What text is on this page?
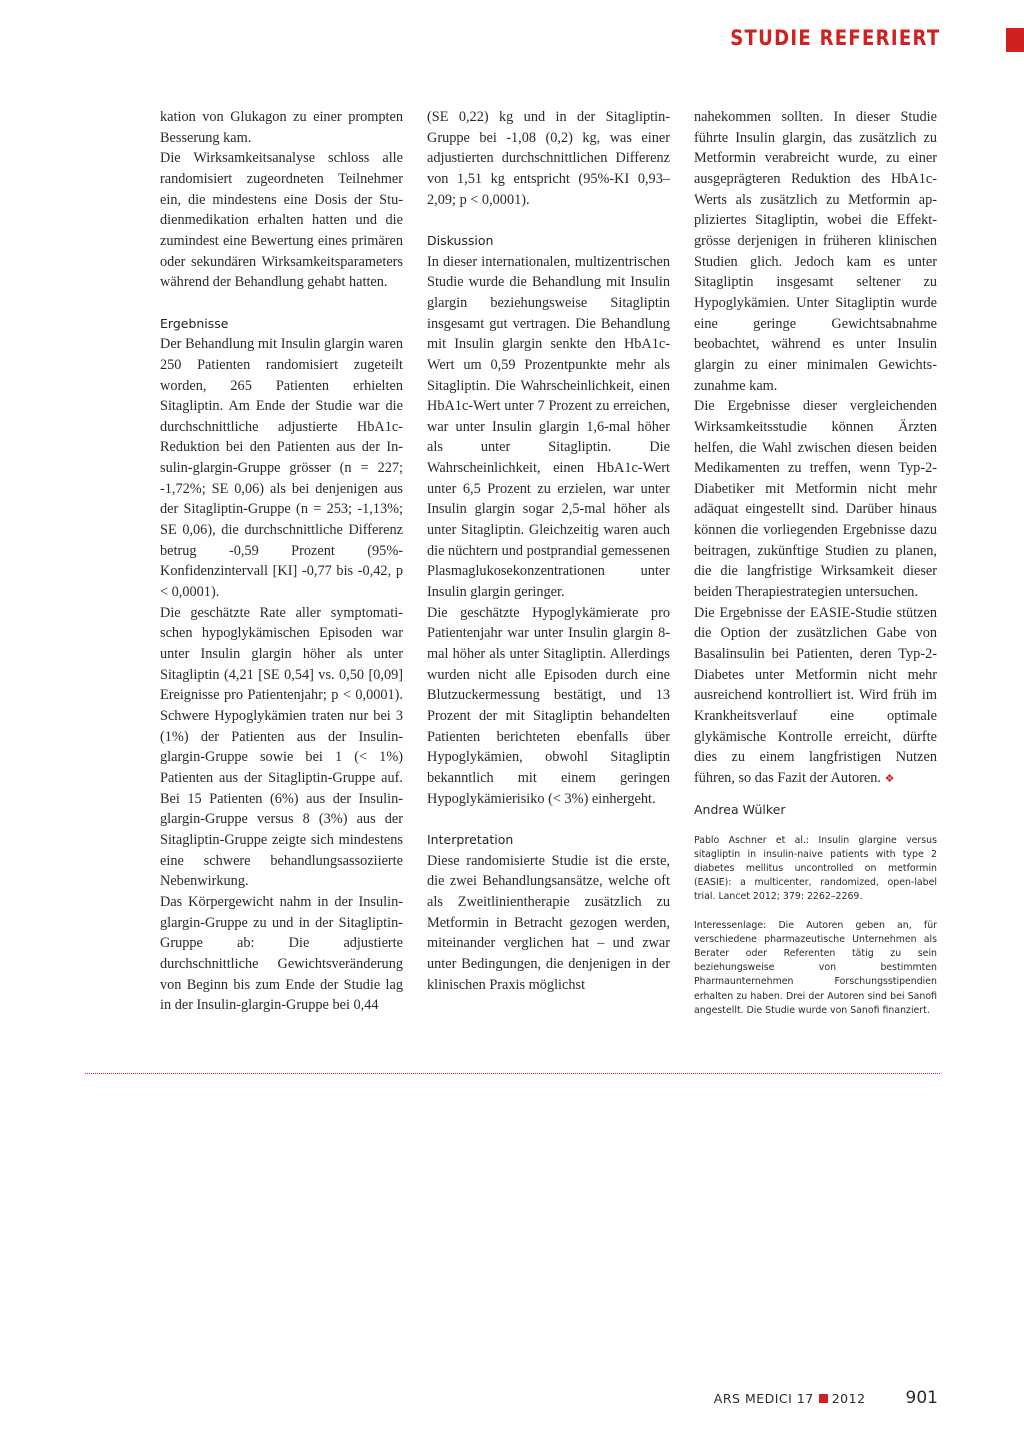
STUDIE REFERIERT

kation von Glukagon zu einer prompten Besserung kam.

Die Wirksamkeitsanalyse schloss alle randomisiert zugeordneten Teilnehmer ein, die mindestens eine Dosis der Studienmedikation erhalten hatten und die zumindest eine Bewertung eines primären oder sekundären Wirksamkeitsparameters während der Behandlung gehabt hatten.

Ergebnisse

Der Behandlung mit Insulin glargin waren 250 Patienten randomisiert zugeteilt worden, 265 Patienten erhielten Sitagliptin. Am Ende der Studie war die durchschnittliche adjustierte HbA1c-Reduktion bei den Patienten aus der Insulin-glargin-Gruppe grösser (n = 227; -1,72%; SE 0,06) als bei denjenigen aus der Sitagliptin-Gruppe (n = 253; -1,13%; SE 0,06), die durchschnittliche Differenz betrug -0,59 Prozent (95%-Konfidenzintervall [KI] -0,77 bis -0,42, p < 0,0001).

Die geschätzte Rate aller symptomatischen hypoglykämischen Episoden war unter Insulin glargin höher als unter Sitagliptin (4,21 [SE 0,54] vs. 0,50 [0,09] Ereignisse pro Patientenjahr; p < 0,0001). Schwere Hypoglykämien traten nur bei 3 (1%) der Patienten aus der Insulin-glargin-Gruppe sowie bei 1 (< 1%) Patienten aus der Sitagliptin-Gruppe auf. Bei 15 Patienten (6%) aus der Insulin-glargin-Gruppe versus 8 (3%) aus der Sitagliptin-Gruppe zeigte sich mindestens eine schwere behandlungsassoziierte Nebenwirkung.

Das Körpergewicht nahm in der Insulin-glargin-Gruppe zu und in der Sitagliptin-Gruppe ab: Die adjustierte durchschnittliche Gewichtsveränderung von Beginn bis zum Ende der Studie lag in der Insulin-glargin-Gruppe bei 0,44

(SE 0,22) kg und in der Sitagliptin-Gruppe bei -1,08 (0,2) kg, was einer adjustierten durchschnittlichen Differenz von 1,51 kg entspricht (95%-KI 0,93–2,09; p < 0,0001).

Diskussion

In dieser internationalen, multizentrischen Studie wurde die Behandlung mit Insulin glargin beziehungsweise Sitagliptin insgesamt gut vertragen. Die Behandlung mit Insulin glargin senkte den HbA1c-Wert um 0,59 Prozentpunkte mehr als Sitagliptin. Die Wahrscheinlichkeit, einen HbA1c-Wert unter 7 Prozent zu erreichen, war unter Insulin glargin 1,6-mal höher als unter Sitagliptin. Die Wahrscheinlichkeit, einen HbA1c-Wert unter 6,5 Prozent zu erzielen, war unter Insulin glargin sogar 2,5-mal höher als unter Sitagliptin. Gleichzeitig waren auch die nüchtern und postprandial gemessenen Plasmaglukosekonzentrationen unter Insulin glargin geringer.

Die geschätzte Hypoglykämierate pro Patientenjahr war unter Insulin glargin 8-mal höher als unter Sitagliptin. Allerdings wurden nicht alle Episoden durch eine Blutzuckermessung bestätigt, und 13 Prozent der mit Sitagliptin behandelten Patienten berichteten ebenfalls über Hypoglykämien, obwohl Sitagliptin bekanntlich mit einem geringen Hypoglykämierisiko (< 3%) einhergeht.

Interpretation

Diese randomisierte Studie ist die erste, die zwei Behandlungsansätze, welche oft als Zweitlinientherapie zusätzlich zu Metformin in Betracht gezogen werden, miteinander verglichen hat – und zwar unter Bedingungen, die denjenigen in der klinischen Praxis möglichst

nahekommen sollten. In dieser Studie führte Insulin glargin, das zusätzlich zu Metformin verabreicht wurde, zu einer ausgeprägteren Reduktion des HbA1c-Werts als zusätzlich zu Metformin appliziertes Sitagliptin, wobei die Effektgrösse derjenigen in früheren klinischen Studien glich. Jedoch kam es unter Sitagliptin insgesamt seltener zu Hypoglykämien. Unter Sitagliptin wurde eine geringe Gewichtsabnahme beobachtet, während es unter Insulin glargin zu einer minimalen Gewichtszunahme kam.

Die Ergebnisse dieser vergleichenden Wirksamkeitsstudie können Ärzten helfen, die Wahl zwischen diesen beiden Medikamenten zu treffen, wenn Typ-2-Diabetiker mit Metformin nicht mehr adäquat eingestellt sind. Darüber hinaus können die vorliegenden Ergebnisse dazu beitragen, zukünftige Studien zu planen, die die langfristige Wirksamkeit dieser beiden Therapiestrategien untersuchen.

Die Ergebnisse der EASIE-Studie stützen die Option der zusätzlichen Gabe von Basalinsulin bei Patienten, deren Typ-2-Diabetes unter Metformin nicht mehr ausreichend kontrolliert ist. Wird früh im Krankheitsverlauf eine optimale glykämische Kontrolle erreicht, dürfte dies zu einem langfristigen Nutzen führen, so das Fazit der Autoren. ❖

Andrea Wülker

Pablo Aschner et al.: Insulin glargine versus sitagliptin in insulin-naive patients with type 2 diabetes mellitus uncontrolled on metformin (EASIE): a multicenter, randomized, open-label trial. Lancet 2012; 379: 2262–2269.

Interessenlage: Die Autoren geben an, für verschiedene pharmazeutische Unternehmen als Berater oder Referenten tätig zu sein beziehungsweise von bestimmten Pharmaunternehmen Forschungsstipendien erhalten zu haben. Drei der Autoren sind bei Sanofi angestellt. Die Studie wurde von Sanofi finanziert.

ARS MEDICI 17 2012 901
